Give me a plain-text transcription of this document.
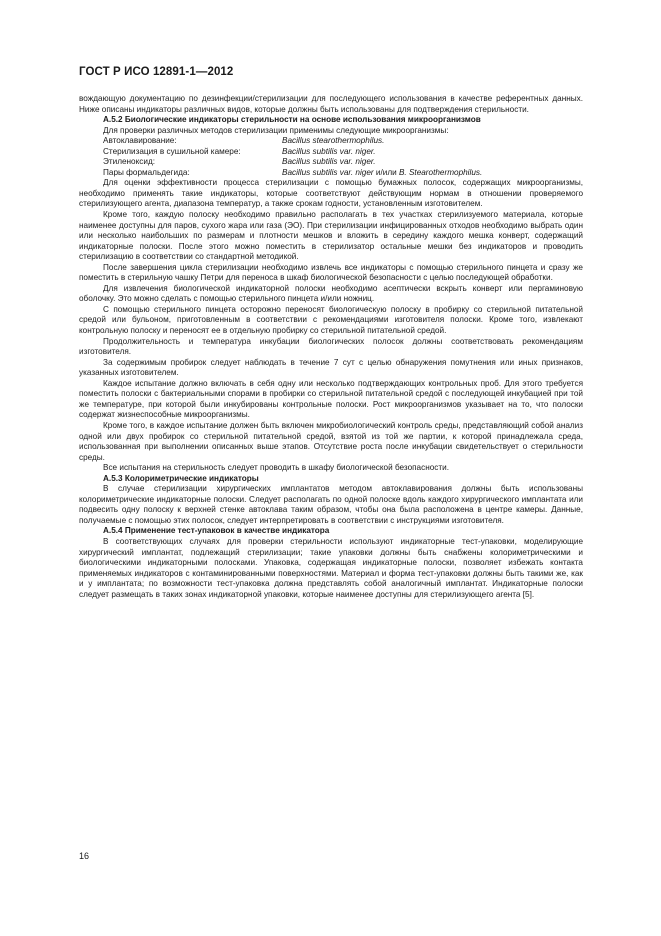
ГОСТ Р ИСО 12891-1—2012

вождающую документацию по дезинфекции/стерилизации для последующего использования в качестве референтных данных. Ниже описаны индикаторы различных видов, которые должны быть использованы для подтверждения стерильности.

А.5.2 Биологические индикаторы стерильности на основе использования микроорганизмов

Для проверки различных методов стерилизации применимы следующие микроорганизмы:

Автоклавирование:	Bacillus stearothermophilus.
Стерилизация в сушильной камере:	Bacillus subtilis var. niger.
Этиленоксид:	Bacillus subtilis var. niger.
Пары формальдегида:	Bacillus subtilis var. niger и/или B. Stearothermophilus.

Для оценки эффективности процесса стерилизации с помощью бумажных полосок, содержащих микроорганизмы, необходимо применять такие индикаторы, которые соответствуют действующим нормам в отношении проверяемого стерилизующего агента, диапазона температур, а также срокам годности, установленным изготовителем.

Кроме того, каждую полоску необходимо правильно располагать в тех участках стерилизуемого материала, которые наименее доступны для паров, сухого жара или газа (ЭО). При стерилизации инфицированных отходов необходимо выбрать один или несколько наибольших по размерам и плотности мешков и вложить в середину каждого мешка конверт, содержащий индикаторные полоски. После этого можно поместить в стерилизатор остальные мешки без индикаторов и проводить стерилизацию в соответствии со стандартной методикой.

После завершения цикла стерилизации необходимо извлечь все индикаторы с помощью стерильного пинцета и сразу же поместить в стерильную чашку Петри для переноса в шкаф биологической безопасности с целью последующей обработки.

Для извлечения биологической индикаторной полоски необходимо асептически вскрыть конверт или пергаминовую оболочку. Это можно сделать с помощью стерильного пинцета и/или ножниц.

С помощью стерильного пинцета осторожно переносят биологическую полоску в пробирку со стерильной питательной средой или бульоном, приготовленным в соответствии с рекомендациями изготовителя полоски. Кроме того, извлекают контрольную полоску и переносят ее в отдельную пробирку со стерильной питательной средой.

Продолжительность и температура инкубации биологических полосок должны соответствовать рекомендациям изготовителя.

За содержимым пробирок следует наблюдать в течение 7 сут с целью обнаружения помутнения или иных признаков, указанных изготовителем.

Каждое испытание должно включать в себя одну или несколько подтверждающих контрольных проб. Для этого требуется поместить полоски с бактериальными спорами в пробирки со стерильной питательной средой с последующей инкубацией при той же температуре, при которой были инкубированы контрольные полоски. Рост микроорганизмов указывает на то, что полоски содержат жизнеспособные микроорганизмы.

Кроме того, в каждое испытание должен быть включен микробиологический контроль среды, представляющий собой анализ одной или двух пробирок со стерильной питательной средой, взятой из той же партии, к которой принадлежала среда, использованная при выполнении описанных выше этапов. Отсутствие роста после инкубации свидетельствует о стерильности среды.

Все испытания на стерильность следует проводить в шкафу биологической безопасности.

А.5.3 Колориметрические индикаторы

В случае стерилизации хирургических имплантатов методом автоклавирования должны быть использованы колориметрические индикаторные полоски. Следует располагать по одной полоске вдоль каждого хирургического имплантата или подвесить одну полоску к верхней стенке автоклава таким образом, чтобы она была расположена в центре камеры. Данные, получаемые с помощью этих полосок, следует интерпретировать в соответствии с инструкциями изготовителя.

А.5.4 Применение тест-упаковок в качестве индикатора

В соответствующих случаях для проверки стерильности используют индикаторные тест-упаковки, моделирующие хирургический имплантат, подлежащий стерилизации; такие упаковки должны быть снабжены колориметрическими и биологическими индикаторными полосками. Упаковка, содержащая индикаторные полоски, позволяет избежать контакта применяемых индикаторов с контаминированными поверхностями. Материал и форма тест-упаковки должны быть такими же, как и у имплантата; по возможности тест-упаковка должна представлять собой аналогичный имплантат. Индикаторные полоски следует размещать в таких зонах индикаторной упаковки, которые наименее доступны для стерилизующего агента [5].

16
